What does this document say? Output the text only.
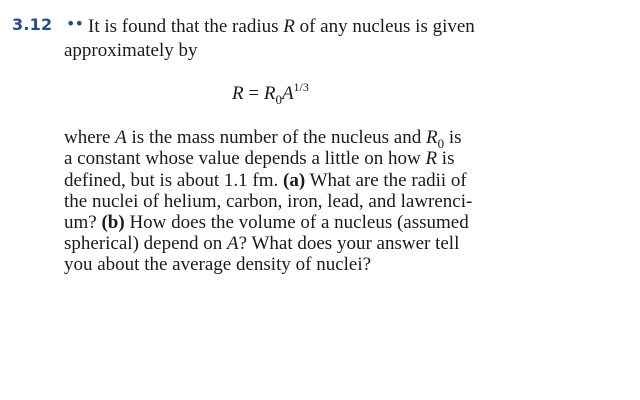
3.12 •• It is found that the radius R of any nucleus is given
approximately by
$R = R_0A^{1/3}$
where A is the mass number of the nucleus and $R_0$ is
a constant whose value depends a little on how R is
defined, but is about 1.1 fm. (a) What are the radii of
the nuclei of helium, carbon, iron, lead, and lawrenci-
um? (b) How does the volume of a nucleus (assumed
spherical) depend on A? What does your answer tell
you about the average density of nuclei?
